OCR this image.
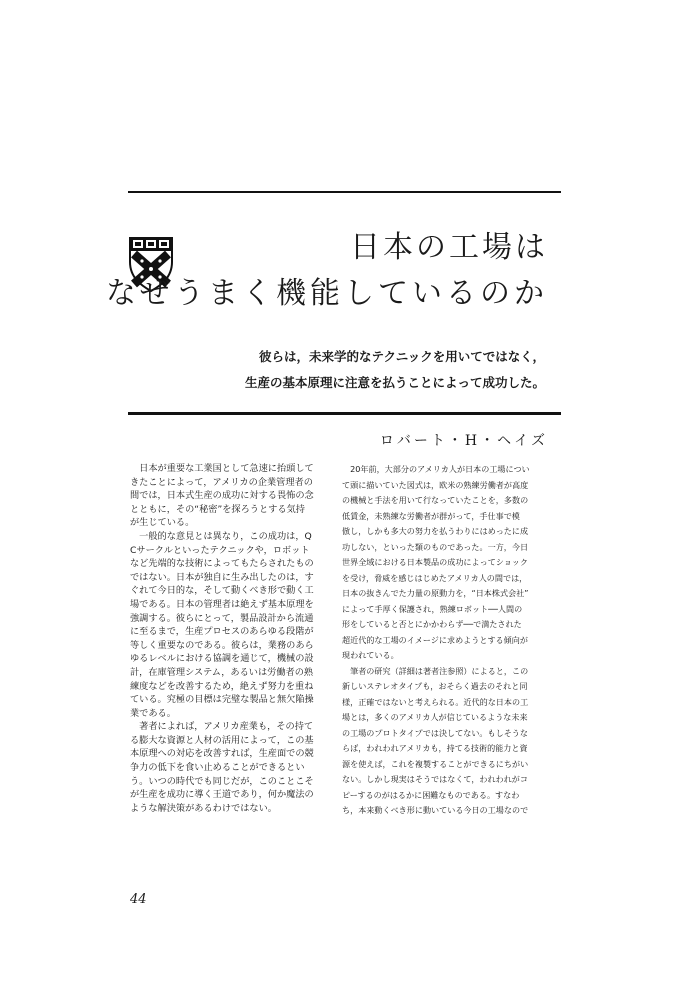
日本の工場は
なぜうまく機能しているのか
彼らは，未来学的なテクニックを用いてではなく，
生産の基本原理に注意を払うことによって成功した。
ロバート・H・ヘイズ
　日本が重要な工業国として急速に抬頭して
きたことによって，アメリカの企業管理者の
間では，日本式生産の成功に対する畏怖の念
とともに，その“秘密”を探ろうとする気持
が生じている。
　一般的な意見とは異なり，この成功は，Q
Cサークルといったテクニックや，ロボット
など先端的な技術によってもたらされたもの
ではない。日本が独自に生み出したのは，す
ぐれて今日的な，そして動くべき形で動く工
場である。日本の管理者は絶えず基本原理を
強調する。彼らにとって，製品設計から流通
に至るまで，生産プロセスのあらゆる段階が
等しく重要なのである。彼らは，業務のあら
ゆるレベルにおける協調を通じて，機械の設
計，在庫管理システム，あるいは労働者の熟
練度などを改善するため，絶えず努力を重ね
ている。究極の目標は完璧な製品と無欠陥操
業である。
　著者によれば，アメリカ産業も，その持て
る膨大な資源と人材の活用によって，この基
本原理への対応を改善すれば，生産面での競
争力の低下を食い止めることができるとい
う。いつの時代でも同じだが，このことこそ
が生産を成功に導く王道であり，何か魔法の
ような解決策があるわけではない。
　20年前，大部分のアメリカ人が日本の工場につい
て頭に描いていた図式は，欧米の熟練労働者が高度
の機械と手法を用いて行なっていたことを，多数の
低賃金，未熟練な労働者が群がって，手仕事で模
倣し，しかも多大の努力を払うわりにはめったに成
功しない，といった類のものであった。一方，今日
世界全域における日本製品の成功によってショック
を受け，脅威を感じはじめたアメリカ人の間では，
日本の抜きんでた力量の原動力を，“日本株式会社”
によって手厚く保護され，熟練ロボット──人間の
形をしていると否とにかかわらず──で満たされた
超近代的な工場のイメージに求めようとする傾向が
現われている。
　筆者の研究（詳細は著者注参照）によると，この
新しいステレオタイプも，おそらく過去のそれと同
様，正確ではないと考えられる。近代的な日本の工
場とは，多くのアメリカ人が信じているような未来
の工場のプロトタイプでは決してない。もしそうな
らば，われわれアメリカも，持てる技術的能力と資
源を使えば，これを複製することができるにちがい
ない。しかし現実はそうではなくて，われわれがコ
ピーするのがはるかに困難なものである。すなわ
ち，本来動くべき形に動いている今日の工場なので
44
